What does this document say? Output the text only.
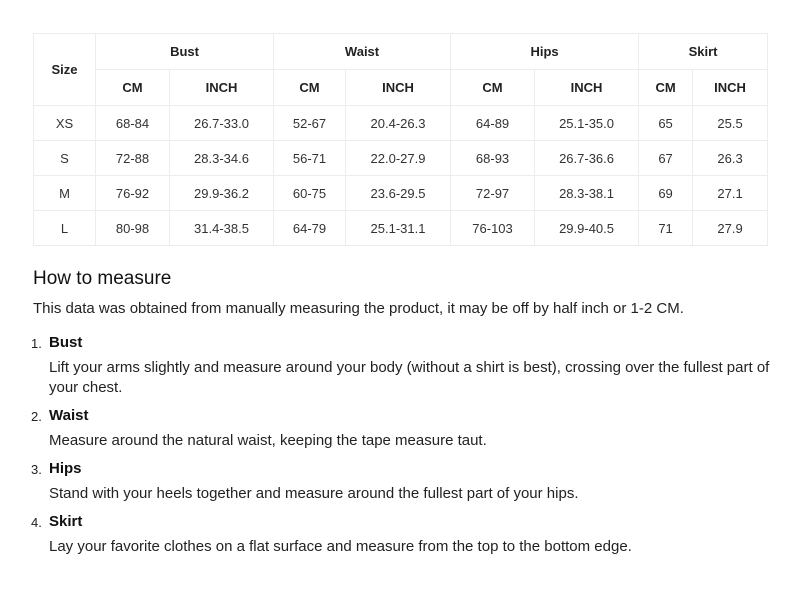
Size	Bust		Waist		Hips		Skirt	
	CM	INCH	CM	INCH	CM	INCH	CM	INCH
XS	68-84	26.7-33.0	52-67	20.4-26.3	64-89	25.1-35.0	65	25.5
S	72-88	28.3-34.6	56-71	22.0-27.9	68-93	26.7-36.6	67	26.3
M	76-92	29.9-36.2	60-75	23.6-29.5	72-97	28.3-38.1	69	27.1
L	80-98	31.4-38.5	64-79	25.1-31.1	76-103	29.9-40.5	71	27.9
How to measure

This data was obtained from manually measuring the product, it may be off by half inch or 1-2 CM.

1. Bust
Lift your arms slightly and measure around your body (without a shirt is best), crossing over the fullest part of your chest.
2. Waist
Measure around the natural waist, keeping the tape measure taut.
3. Hips
Stand with your heels together and measure around the fullest part of your hips.
4. Skirt
Lay your favorite clothes on a flat surface and measure from the top to the bottom edge.
